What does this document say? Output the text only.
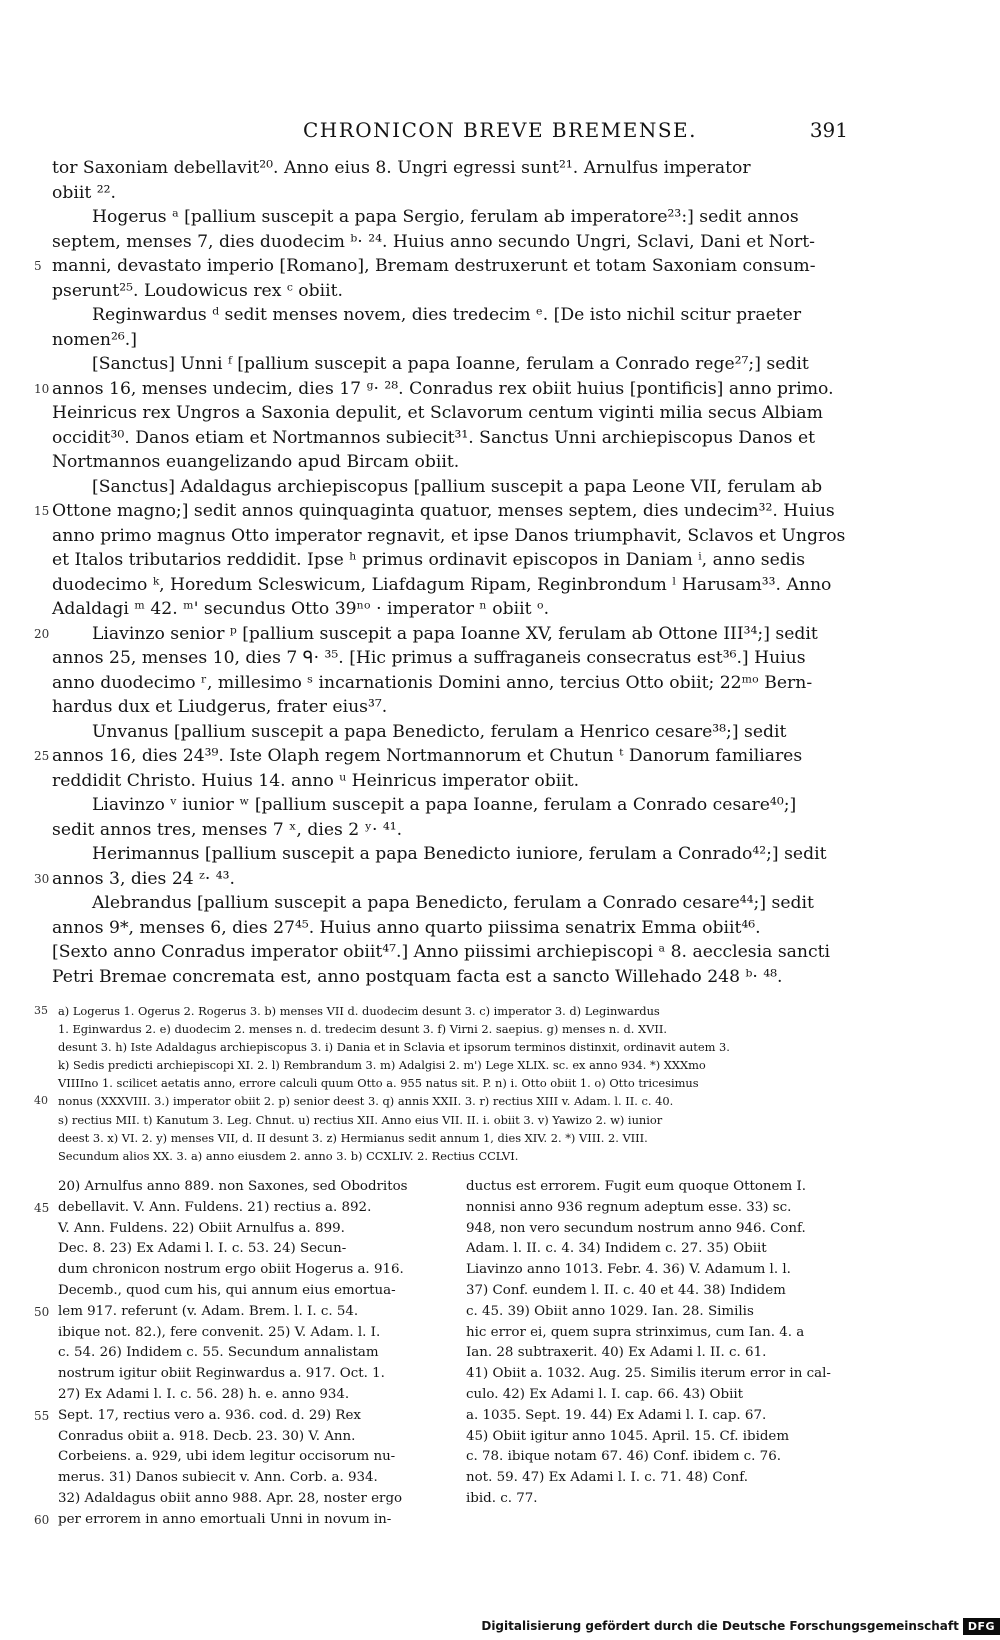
CHRONICON BREVE BREMENSE.	391
tor Saxoniam debellavit²⁰. Anno eius 8. Ungri egressi sunt²¹. Arnulfus imperator
obiit ²².
Hogerus ᵃ [pallium suscepit a papa Sergio, ferulam ab imperatore²³:] sedit annos
septem, menses 7, dies duodecim ᵇ· ²⁴. Huius anno secundo Ungri, Sclavi, Dani et Nort-
5 manni, devastato imperio [Romano], Bremam destruxerunt et totam Saxoniam consum-
pserunt²⁵. Loudowicus rex ᶜ obiit.
Reginwardus ᵈ sedit menses novem, dies tredecim ᵉ. [De isto nichil scitur praeter
nomen²⁶.]
[Sanctus] Unni ᶠ [pallium suscepit a papa Ioanne, ferulam a Conrado rege²⁷;] sedit
10 annos 16, menses undecim, dies 17 ᵍ· ²⁸. Conradus rex obiit huius [pontificis] anno primo.
Heinricus rex Ungros a Saxonia depulit, et Sclavorum centum viginti milia secus Albiam
occidit³⁰. Danos etiam et Nortmannos subiecit³¹. Sanctus Unni archiepiscopus Danos et
Nortmannos euangelizando apud Bircam obiit.
[Sanctus] Adaldagus archiepiscopus [pallium suscepit a papa Leone VII, ferulam ab
15 Ottone magno;] sedit annos quinquaginta quatuor, menses septem, dies undecim³². Huius
anno primo magnus Otto imperator regnavit, et ipse Danos triumphavit, Sclavos et Ungros
et Italos tributarios reddidit. Ipse ʰ primus ordinavit episcopos in Daniam ⁱ, anno sedis
duodecimo ᵏ, Horedum Scleswicum, Liafdagum Ripam, Reginbrondum ˡ Harusam³³. Anno
Adaldagi ᵐ 42. ᵐ' secundus Otto 39ⁿᵒ · imperator ⁿ obiit ᵒ.
20 Liavinzo senior ᵖ [pallium suscepit a papa Ioanne XV, ferulam ab Ottone III³⁴;] sedit
annos 25, menses 10, dies 7 ᑫ· ³⁵. [Hic primus a suffraganeis consecratus est³⁶.] Huius
anno duodecimo ʳ, millesimo ˢ incarnationis Domini anno, tercius Otto obiit; 22ᵐᵒ Bern-
hardus dux et Liudgerus, frater eius³⁷.
Unvanus [pallium suscepit a papa Benedicto, ferulam a Henrico cesare³⁸;] sedit
25 annos 16, dies 24³⁹. Iste Olaph regem Nortmannorum et Chutun ᵗ Danorum familiares
reddidit Christo. Huius 14. anno ᵘ Heinricus imperator obiit.
Liavinzo ᵛ iunior ʷ [pallium suscepit a papa Ioanne, ferulam a Conrado cesare⁴⁰;]
sedit annos tres, menses 7 ˣ, dies 2 ʸ· ⁴¹.
Herimannus [pallium suscepit a papa Benedicto iuniore, ferulam a Conrado⁴²;] sedit
30 annos 3, dies 24 ᶻ· ⁴³.
Alebrandus [pallium suscepit a papa Benedicto, ferulam a Conrado cesare⁴⁴;] sedit
annos 9*, menses 6, dies 27⁴⁵. Huius anno quarto piissima senatrix Emma obiit⁴⁶.
[Sexto anno Conradus imperator obiit⁴⁷.] Anno piissimi archiepiscopi ᵃ 8. aecclesia sancti
Petri Bremae concremata est, anno postquam facta est a sancto Willehado 248 ᵇ· ⁴⁸.
35 a) Logerus 1. Ogerus 2. Rogerus 3. b) menses VII d. duodecim desunt 3. c) imperator 3. d) Leginwardus
1. Eginwardus 2. e) duodecim 2. menses n. d. tredecim desunt 3. f) Virni 2. saepius. g) menses n. d. XVII.
desunt 3. h) Iste Adaldagus archiepiscopus 3. i) Dania et in Sclavia et ipsorum terminos distinxit, ordinavit autem 3.
k) Sedis predicti archiepiscopi XI. 2. l) Rembrandum 3. m) Adalgisi 2. m') Lege XLIX. sc. ex anno 934. *) XXXmo
VIIIIno 1. scilicet aetatis anno, errore calculi quum Otto a. 955 natus sit. P. n) i. Otto obiit 1. o) Otto tricesimus
40 nonus (XXXVIII. 3.) imperator obiit 2. p) senior deest 3. q) annis XXII. 3. r) rectius XIII v. Adam. l. II. c. 40.
s) rectius MII. t) Kanutum 3. Leg. Chnut. u) rectius XII. Anno eius VII. II. i. obiit 3. v) Yawizo 2. w) iunior
deest 3. x) VI. 2. y) menses VII, d. II desunt 3. z) Hermianus sedit annum 1, dies XIV. 2. *) VIII. 2. VIII.
Secundum alios XX. 3. a) anno eiusdem 2. anno 3. b) CCXLIV. 2. Rectius CCLVI.
20) Arnulfus anno 889. non Saxones, sed Obodritos
45 debellavit. V. Ann. Fuldens. 21) rectius a. 892.
V. Ann. Fuldens. 22) Obiit Arnulfus a. 899.
Dec. 8. 23) Ex Adami l. I. c. 53. 24) Secun-
dum chronicon nostrum ergo obiit Hogerus a. 916.
Decemb., quod cum his, qui annum eius emortua-
50 lem 917. referunt (v. Adam. Brem. l. I. c. 54.
ibique not. 82.), fere convenit. 25) V. Adam. l. I.
c. 54. 26) Indidem c. 55. Secundum annalistam
nostrum igitur obiit Reginwardus a. 917. Oct. 1.
27) Ex Adami l. I. c. 56. 28) h. e. anno 934.
55 Sept. 17, rectius vero a. 936. cod. d. 29) Rex
Conradus obiit a. 918. Decb. 23. 30) V. Ann.
Corbeiens. a. 929, ubi idem legitur occisorum nu-
merus. 31) Danos subiecit v. Ann. Corb. a. 934.
32) Adaldagus obiit anno 988. Apr. 28, noster ergo
60 per errorem in anno emortuali Unni in novum in-
ductus est errorem. Fugit eum quoque Ottonem I.
nonnisi anno 936 regnum adeptum esse. 33) sc.
948, non vero secundum nostrum anno 946. Conf.
Adam. l. II. c. 4. 34) Indidem c. 27. 35) Obiit
Liavinzo anno 1013. Febr. 4. 36) V. Adamum l. l.
37) Conf. eundem l. II. c. 40 et 44. 38) Indidem
c. 45. 39) Obiit anno 1029. Ian. 28. Similis
hic error ei, quem supra strinximus, cum Ian. 4. a
Ian. 28 subtraxerit. 40) Ex Adami l. II. c. 61.
41) Obiit a. 1032. Aug. 25. Similis iterum error in cal-
culo. 42) Ex Adami l. I. cap. 66. 43) Obiit
a. 1035. Sept. 19. 44) Ex Adami l. I. cap. 67.
45) Obiit igitur anno 1045. April. 15. Cf. ibidem
c. 78. ibique notam 67. 46) Conf. ibidem c. 76.
not. 59. 47) Ex Adami l. I. c. 71. 48) Conf.
ibid. c. 77.
Digitalisierung gefördert durch die Deutsche Forschungsgemeinschaft DFG
